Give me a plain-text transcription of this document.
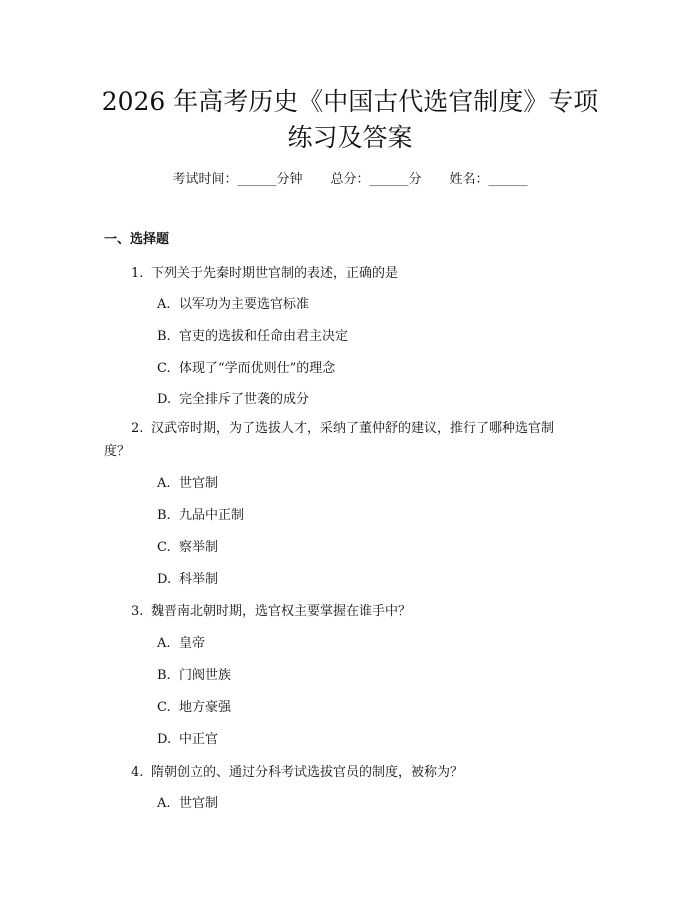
2026 年高考历史《中国古代选官制度》专项
练习及答案
考试时间：______分钟 总分：______分 姓名：______
一、选择题
1. 下列关于先秦时期世官制的表述，正确的是
A. 以军功为主要选官标准
B. 官吏的选拔和任命由君主决定
C. 体现了“学而优则仕”的理念
D. 完全排斥了世袭的成分
2. 汉武帝时期，为了选拔人才，采纳了董仲舒的建议，推行了哪种选官制
度？
A. 世官制
B. 九品中正制
C. 察举制
D. 科举制
3. 魏晋南北朝时期，选官权主要掌握在谁手中？
A. 皇帝
B. 门阀世族
C. 地方豪强
D. 中正官
4. 隋朝创立的、通过分科考试选拔官员的制度，被称为？
A. 世官制
